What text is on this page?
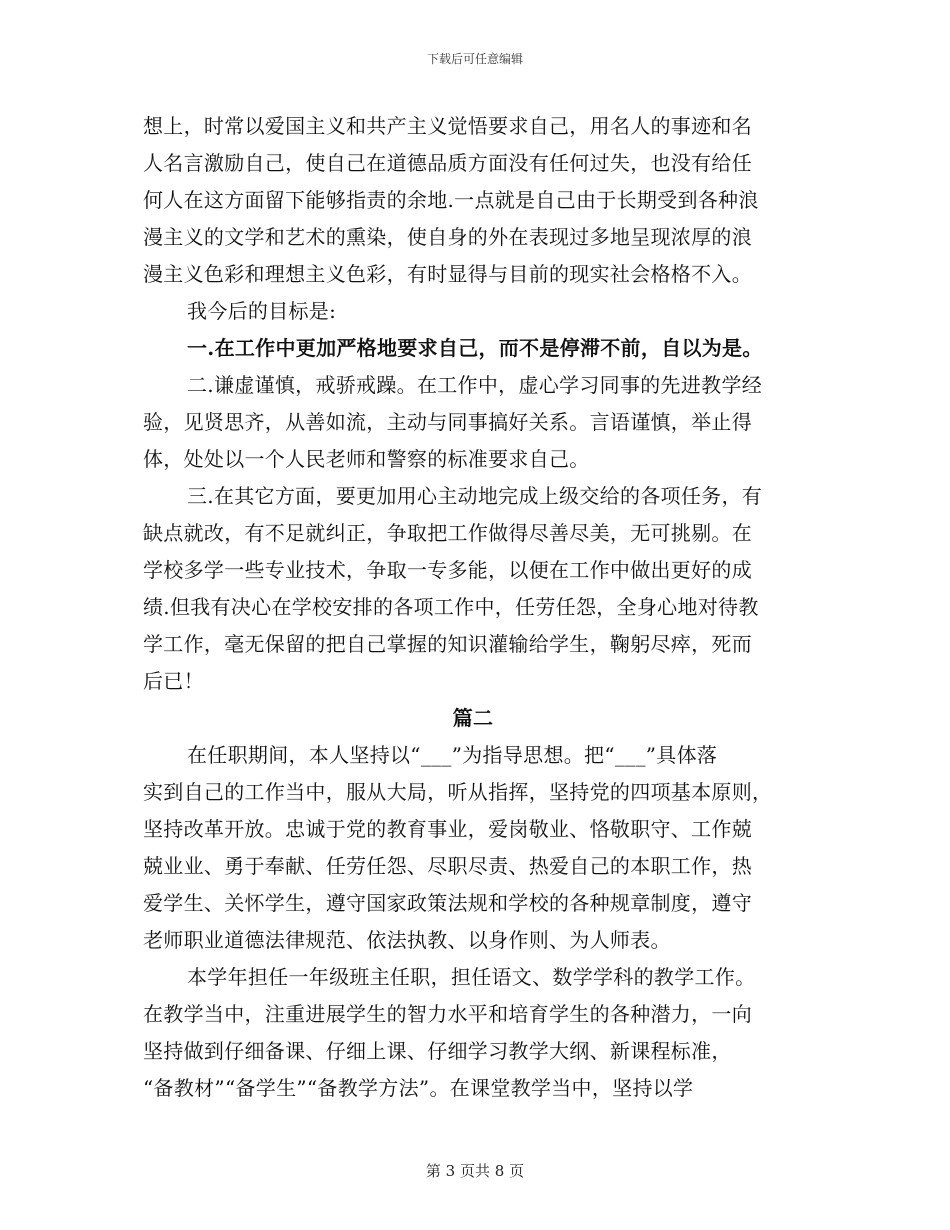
下载后可任意编辑
想上，时常以爱国主义和共产主义觉悟要求自己，用名人的事迹和名
人名言激励自己，使自己在道德品质方面没有任何过失，也没有给任
何人在这方面留下能够指责的余地.一点就是自己由于长期受到各种浪
漫主义的文学和艺术的熏染，使自身的外在表现过多地呈现浓厚的浪
漫主义色彩和理想主义色彩，有时显得与目前的现实社会格格不入。
我今后的目标是:
一.在工作中更加严格地要求自己，而不是停滞不前，自以为是。
二.谦虚谨慎，戒骄戒躁。在工作中，虚心学习同事的先进教学经
验，见贤思齐，从善如流，主动与同事搞好关系。言语谨慎，举止得
体，处处以一个人民老师和警察的标准要求自己。
三.在其它方面，要更加用心主动地完成上级交给的各项任务，有
缺点就改，有不足就纠正，争取把工作做得尽善尽美，无可挑剔。在
学校多学一些专业技术，争取一专多能，以便在工作中做出更好的成
绩.但我有决心在学校安排的各项工作中，任劳任怨，全身心地对待教
学工作，毫无保留的把自己掌握的知识灌输给学生，鞠躬尽瘁，死而
后已！
篇二
在任职期间，本人坚持以“___”为指导思想。把“___”具体落
实到自己的工作当中，服从大局，听从指挥，坚持党的四项基本原则，
坚持改革开放。忠诚于党的教育事业，爱岗敬业、恪敬职守、工作兢
兢业业、勇于奉献、任劳任怨、尽职尽责、热爱自己的本职工作，热
爱学生、关怀学生，遵守国家政策法规和学校的各种规章制度，遵守
老师职业道德法律规范、依法执教、以身作则、为人师表。
本学年担任一年级班主任职，担任语文、数学学科的教学工作。
在教学当中，注重进展学生的智力水平和培育学生的各种潜力，一向
坚持做到仔细备课、仔细上课、仔细学习教学大纲、新课程标准，
“备教材”“备学生”“备教学方法”。在课堂教学当中，坚持以学
第 3 页共 8 页
